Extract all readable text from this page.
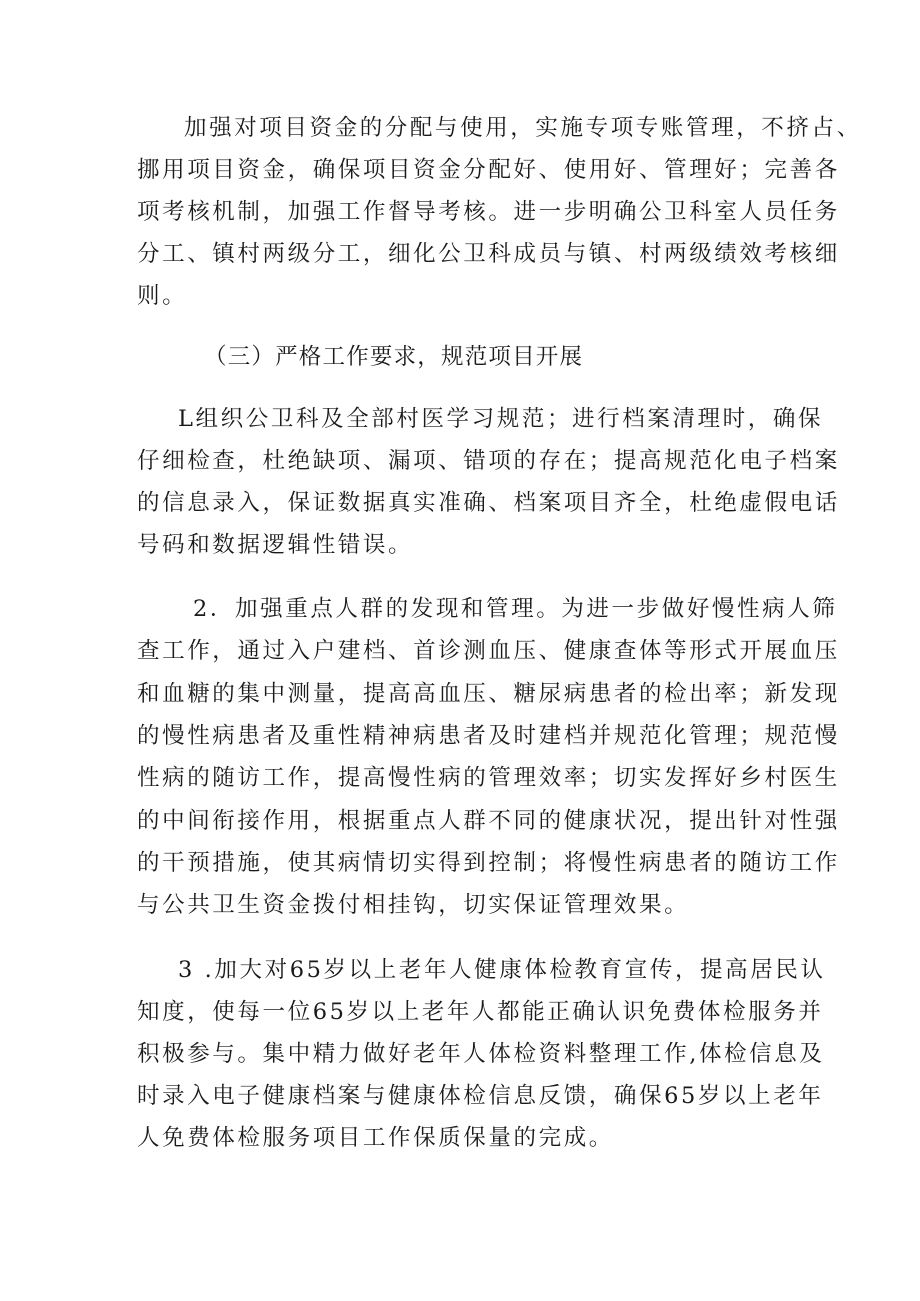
加强对项目资金的分配与使用，实施专项专账管理，不挤占、

挪用项目资金，确保项目资金分配好、使用好、管理好；完善各

项考核机制，加强工作督导考核。进一步明确公卫科室人员任务

分工、镇村两级分工，细化公卫科成员与镇、村两级绩效考核细

则。

（三）严格工作要求，规范项目开展

L组织公卫科及全部村医学习规范；进行档案清理时，确保

仔细检查，杜绝缺项、漏项、错项的存在；提高规范化电子档案

的信息录入，保证数据真实准确、档案项目齐全，杜绝虚假电话

号码和数据逻辑性错误。

2．加强重点人群的发现和管理。为进一步做好慢性病人筛

查工作，通过入户建档、首诊测血压、健康查体等形式开展血压

和血糖的集中测量，提高高血压、糖尿病患者的检出率；新发现

的慢性病患者及重性精神病患者及时建档并规范化管理；规范慢

性病的随访工作，提高慢性病的管理效率；切实发挥好乡村医生

的中间衔接作用，根据重点人群不同的健康状况，提出针对性强

的干预措施，使其病情切实得到控制；将慢性病患者的随访工作

与公共卫生资金拨付相挂钩，切实保证管理效果。

3 .加大对65岁以上老年人健康体检教育宣传，提高居民认

知度，使每一位65岁以上老年人都能正确认识免费体检服务并

积极参与。集中精力做好老年人体检资料整理工作,体检信息及

时录入电子健康档案与健康体检信息反馈，确保65岁以上老年

人免费体检服务项目工作保质保量的完成。
